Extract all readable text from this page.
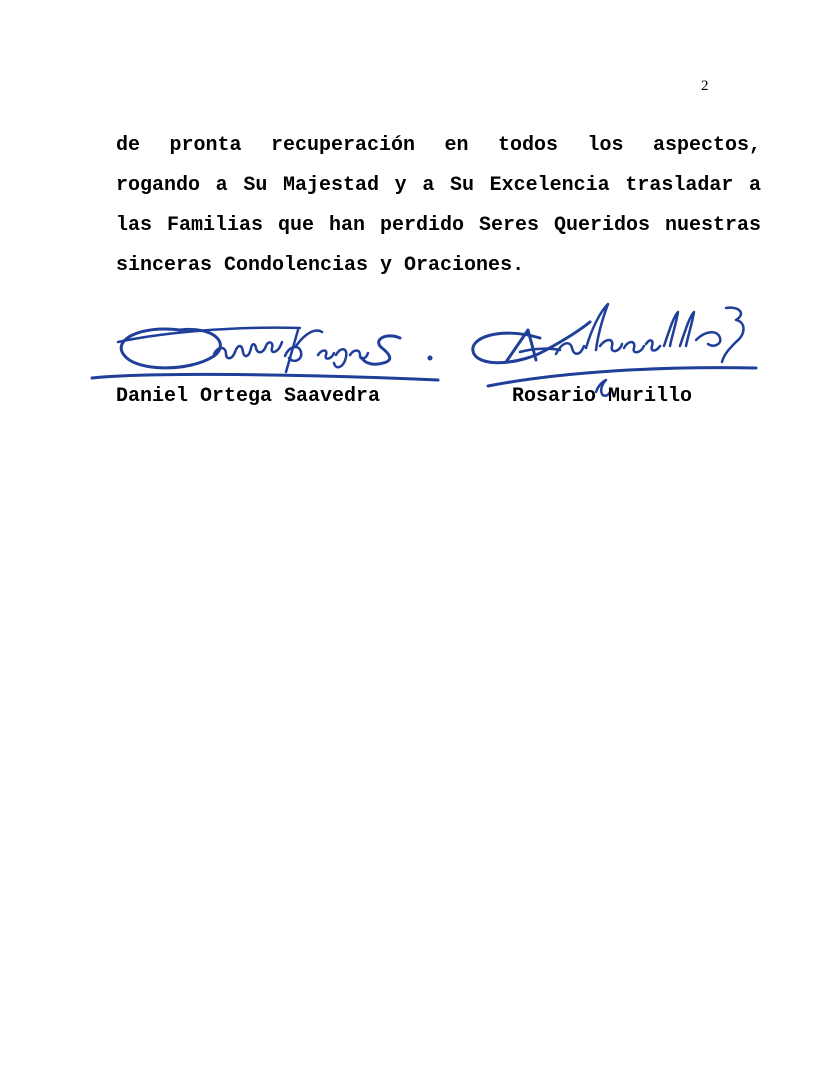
2
de pronta recuperación en todos los aspectos,
rogando a Su Majestad y a Su Excelencia trasladar a
las Familias que han perdido Seres Queridos nuestras
sinceras Condolencias y Oraciones.
Daniel Ortega Saavedra	Rosario Murillo
